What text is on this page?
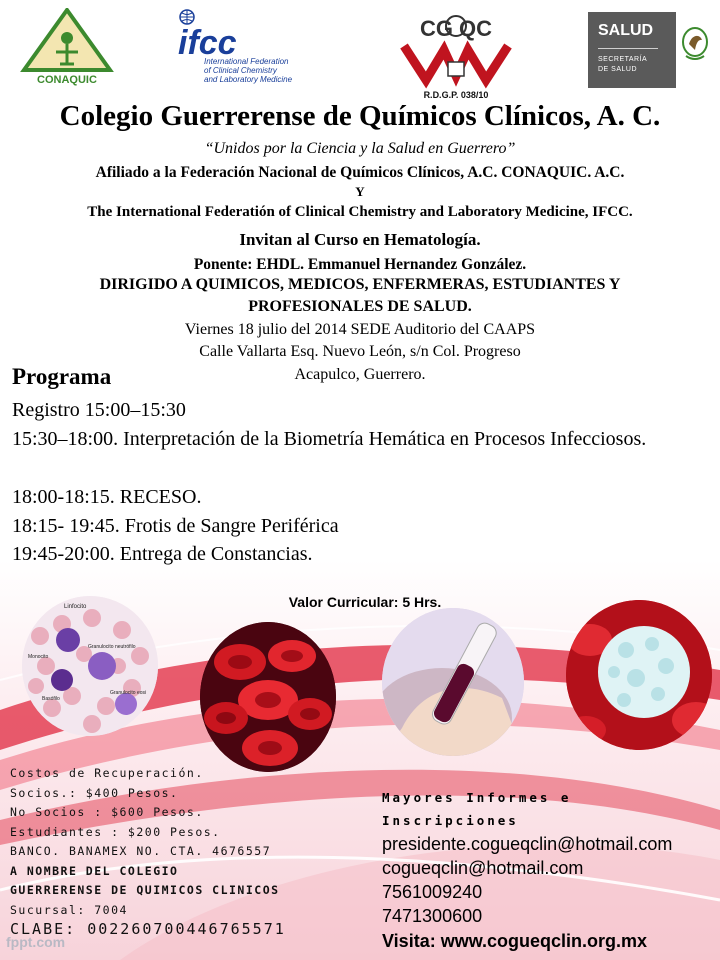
CONAQUIC
ifcc
International Federation
of Clinical Chemistry
and Laboratory Medicine
CG QC
R.D.G.P. 038/10
SALUD
SECRETARÍA
DE SALUD
Colegio Guerrerense de Químicos Clínicos, A. C.
“Unidos por la Ciencia y la Salud en Guerrero”
Afiliado a la Federación Nacional de Químicos Clínicos, A.C. CONAQUIC. A.C.
Y
The International Federatión of Clinical Chemistry and Laboratory Medicine, IFCC.
Invitan al Curso en Hematología.
Ponente: EHDL. Emmanuel Hernandez González.
DIRIGIDO A QUIMICOS, MEDICOS, ENFERMERAS, ESTUDIANTES Y
PROFESIONALES DE SALUD.
Viernes 18 julio del 2014 SEDE Auditorio del CAAPS
Calle Vallarta Esq. Nuevo León, s/n Col. Progreso
Acapulco, Guerrero.
Programa
Registro 15:00–15:30
15:30–18:00. Interpretación de la Biometría Hemática en Procesos Infecciosos.
18:00-18:15. RECESO.
18:15- 19:45. Frotis de Sangre Periférica
19:45-20:00. Entrega de Constancias.
Valor Curricular: 5 Hrs.
Linfocito
Granulocito neutrófilo
Monocito
Basófilo
Granulocito eosi
Costos de Recuperación.
Socios.: $400 Pesos.
No Socios : $600 Pesos.
Estudiantes : $200 Pesos.
BANCO. BANAMEX NO. CTA. 4676557
A NOMBRE DEL COLEGIO
GUERRERENSE DE QUIMICOS CLINICOS
Sucursal: 7004
CLABE: 002260700446765571
Mayores Informes e
Inscripciones
presidente.cogueqclin@hotmail.com
cogueqclin@hotmail.com
7561009240
7471300600
Visita: www.cogueqclin.org.mx
fppt.com
